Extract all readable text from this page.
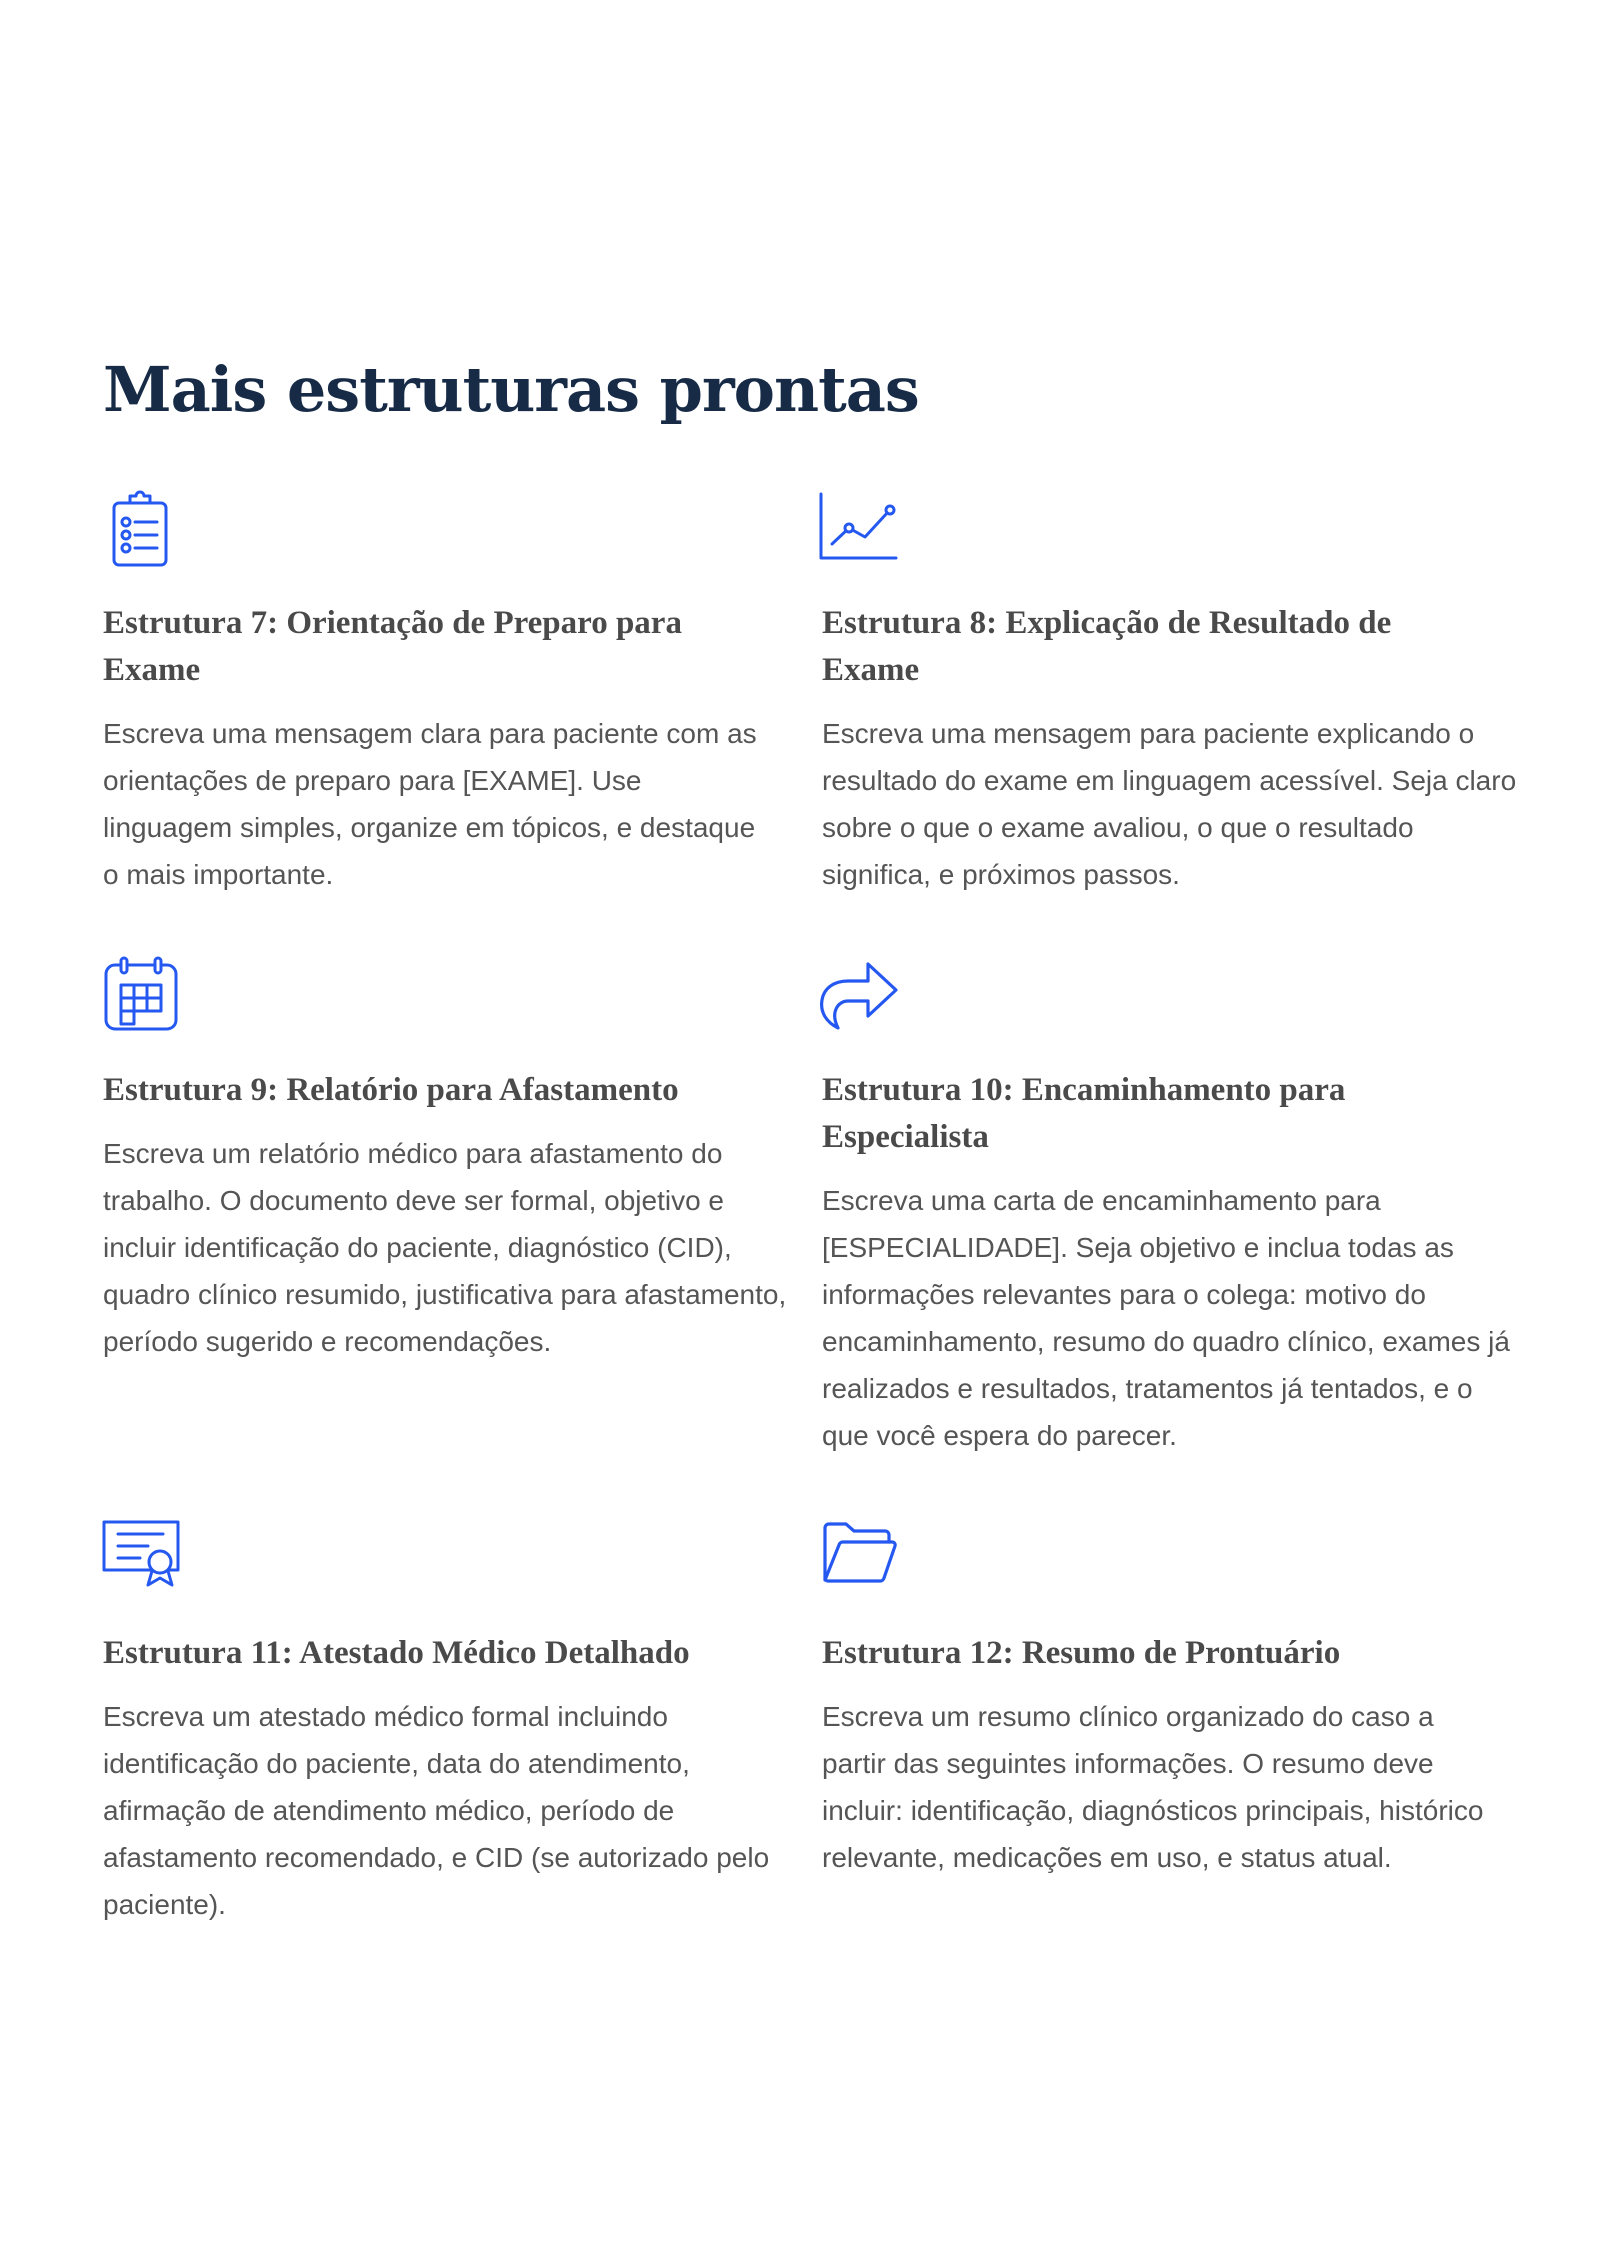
Mais estruturas prontas
Estrutura 7: Orientação de Preparo para Exame

Escreva uma mensagem clara para paciente com as orientações de preparo para [EXAME]. Use linguagem simples, organize em tópicos, e destaque o mais importante.

Estrutura 8: Explicação de Resultado de Exame

Escreva uma mensagem para paciente explicando o resultado do exame em linguagem acessível. Seja claro sobre o que o exame avaliou, o que o resultado significa, e próximos passos.

Estrutura 9: Relatório para Afastamento

Escreva um relatório médico para afastamento do trabalho. O documento deve ser formal, objetivo e incluir identificação do paciente, diagnóstico (CID), quadro clínico resumido, justificativa para afastamento, período sugerido e recomendações.

Estrutura 10: Encaminhamento para Especialista

Escreva uma carta de encaminhamento para [ESPECIALIDADE]. Seja objetivo e inclua todas as informações relevantes para o colega: motivo do encaminhamento, resumo do quadro clínico, exames já realizados e resultados, tratamentos já tentados, e o que você espera do parecer.

Estrutura 11: Atestado Médico Detalhado

Escreva um atestado médico formal incluindo identificação do paciente, data do atendimento, afirmação de atendimento médico, período de afastamento recomendado, e CID (se autorizado pelo paciente).

Estrutura 12: Resumo de Prontuário

Escreva um resumo clínico organizado do caso a partir das seguintes informações. O resumo deve incluir: identificação, diagnósticos principais, histórico relevante, medicações em uso, e status atual.
